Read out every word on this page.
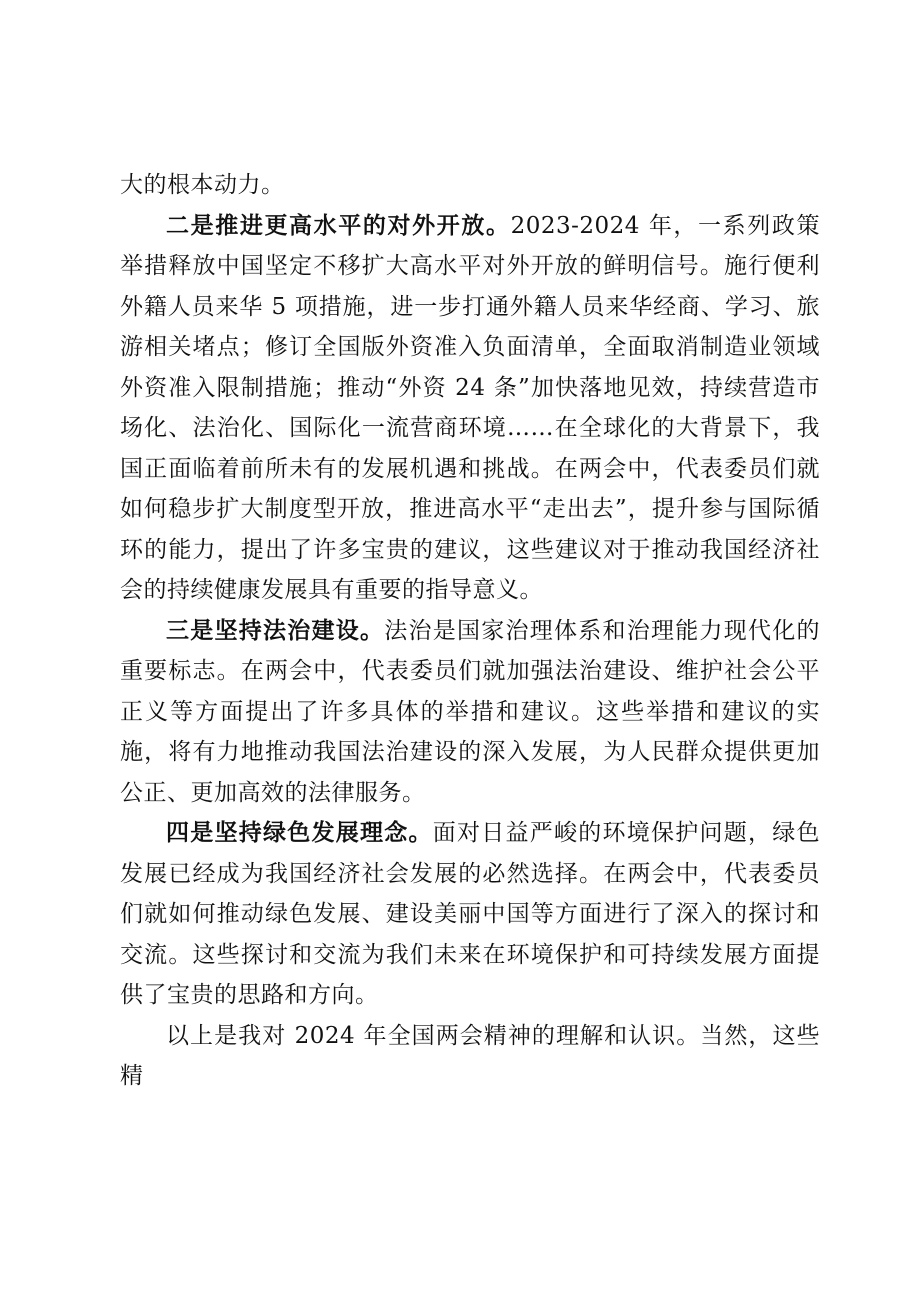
大的根本动力。

二是推进更高水平的对外开放。2023-2024 年，一系列政策举措释放中国坚定不移扩大高水平对外开放的鲜明信号。施行便利外籍人员来华 5 项措施，进一步打通外籍人员来华经商、学习、旅游相关堵点；修订全国版外资准入负面清单，全面取消制造业领域外资准入限制措施；推动“外资 24 条”加快落地见效，持续营造市场化、法治化、国际化一流营商环境……在全球化的大背景下，我国正面临着前所未有的发展机遇和挑战。在两会中，代表委员们就如何稳步扩大制度型开放，推进高水平“走出去”，提升参与国际循环的能力，提出了许多宝贵的建议，这些建议对于推动我国经济社会的持续健康发展具有重要的指导意义。

三是坚持法治建设。法治是国家治理体系和治理能力现代化的重要标志。在两会中，代表委员们就加强法治建设、维护社会公平正义等方面提出了许多具体的举措和建议。这些举措和建议的实施，将有力地推动我国法治建设的深入发展，为人民群众提供更加公正、更加高效的法律服务。

四是坚持绿色发展理念。面对日益严峻的环境保护问题，绿色发展已经成为我国经济社会发展的必然选择。在两会中，代表委员们就如何推动绿色发展、建设美丽中国等方面进行了深入的探讨和交流。这些探讨和交流为我们未来在环境保护和可持续发展方面提供了宝贵的思路和方向。

以上是我对 2024 年全国两会精神的理解和认识。当然，这些精
